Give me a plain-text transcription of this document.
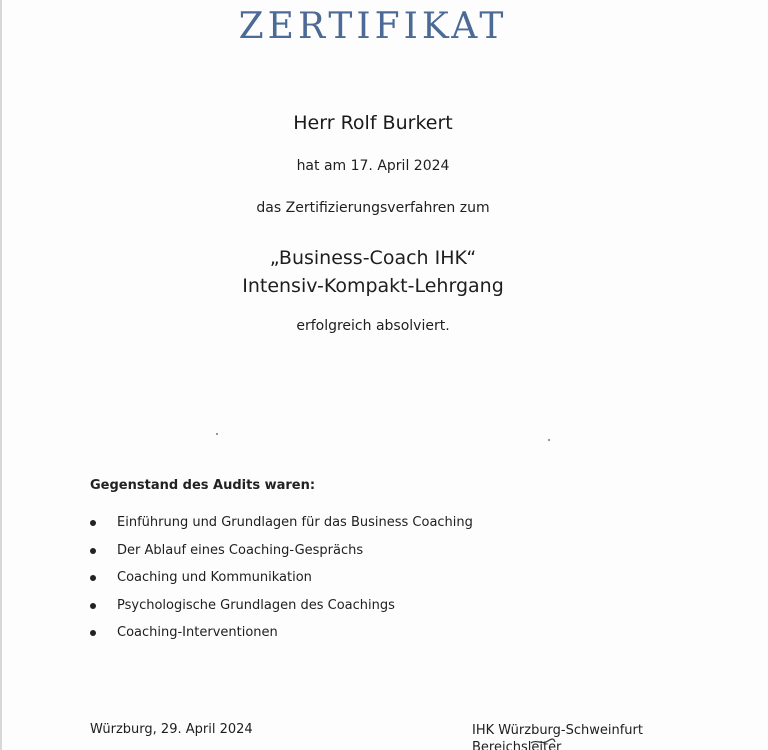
ZERTIFIKAT
Herr Rolf Burkert
hat am 17. April 2024
das Zertifizierungsverfahren zum
„Business-Coach IHK“
Intensiv-Kompakt-Lehrgang
erfolgreich absolviert.
Gegenstand des Audits waren:
Einführung und Grundlagen für das Business Coaching
Der Ablauf eines Coaching-Gesprächs
Coaching und Kommunikation
Psychologische Grundlagen des Coachings
Coaching-Interventionen
Würzburg, 29. April 2024	IHK Würzburg-Schweinfurt
Bereichsleiter
